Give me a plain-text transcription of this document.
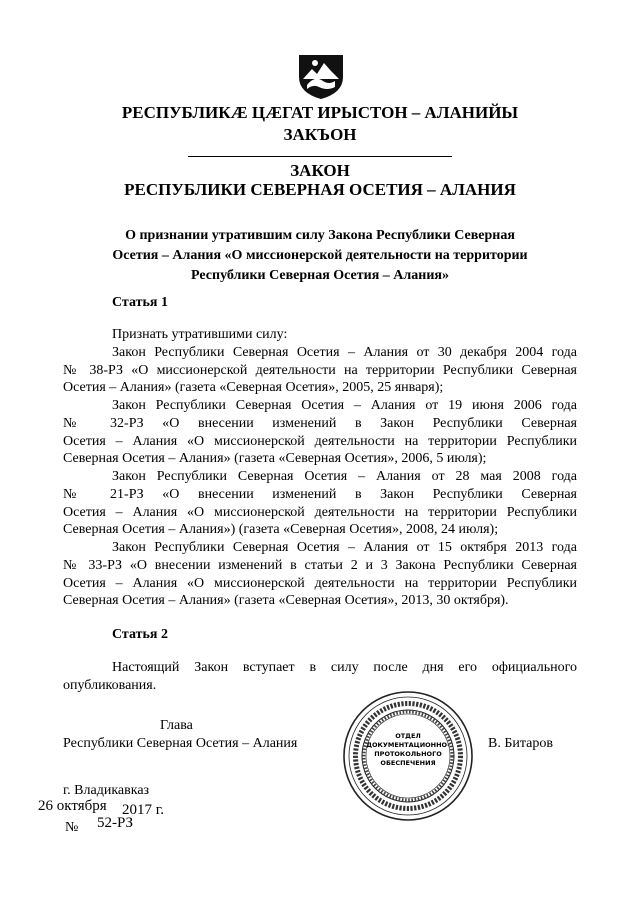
РЕСПУБЛИКӔ ЦӔГАТ ИРЫСТОН – АЛАНИЙЫ
ЗАКЪОН
ЗАКОН
РЕСПУБЛИКИ СЕВЕРНАЯ ОСЕТИЯ – АЛАНИЯ
О признании утратившим силу Закона Республики Северная
Осетия – Алания «О миссионерской деятельности на территории
Республики Северная Осетия – Алания»
Статья 1
Признать утратившими силу:
Закон Республики Северная Осетия – Алания от 30 декабря 2004 года
№ 38-РЗ «О миссионерской деятельности на территории Республики Северная
Осетия – Алания» (газета «Северная Осетия», 2005, 25 января);
Закон Республики Северная Осетия – Алания от 19 июня 2006 года
№ 32-РЗ «О внесении изменений в Закон Республики Северная
Осетия – Алания «О миссионерской деятельности на территории Республики
Северная Осетия – Алания» (газета «Северная Осетия», 2006, 5 июля);
Закон Республики Северная Осетия – Алания от 28 мая 2008 года
№ 21-РЗ «О внесении изменений в Закон Республики Северная
Осетия – Алания «О миссионерской деятельности на территории Республики
Северная Осетия – Алания») (газета «Северная Осетия», 2008, 24 июля);
Закон Республики Северная Осетия – Алания от 15 октября 2013 года
№ 33-РЗ «О внесении изменений в статьи 2 и 3 Закона Республики Северная
Осетия – Алания «О миссионерской деятельности на территории Республики
Северная Осетия – Алания» (газета «Северная Осетия», 2013, 30 октября).
Статья 2
Настоящий Закон вступает в силу после дня его официального
опубликования.
Глава
Республики Северная Осетия – Алания	В. Битаров
ОТДЕЛ
ДОКУМЕНТАЦИОННО-
ПРОТОКОЛЬНОГО
ОБЕСПЕЧЕНИЯ
г. Владикавказ
26 октября 2017 г.
№ 52-РЗ
